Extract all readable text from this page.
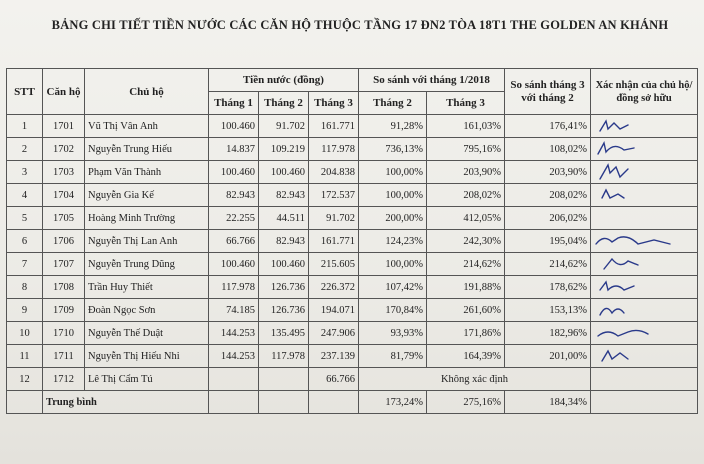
BẢNG CHI TIẾT TIỀN NƯỚC CÁC CĂN HỘ THUỘC TẦNG 17 ĐN2 TÒA 18T1 THE GOLDEN AN KHÁNH
STT	Căn hộ	Chủ hộ	Tiền nước (đồng)			So sánh với tháng 1/2018		So sánh tháng 3 với tháng 2	Xác nhận của chủ hộ/đồng sở hữu
			Tháng 1	Tháng 2	Tháng 3	Tháng 2	Tháng 3		
1	1701	Vũ Thị Vân Anh	100.460	91.702	161.771	91,28%	161,03%	176,41%	

2	1702	Nguyễn Trung Hiếu	14.837	109.219	117.978	736,13%	795,16%	108,02%	

3	1703	Phạm Văn Thành	100.460	100.460	204.838	100,00%	203,90%	203,90%	

4	1704	Nguyễn Gia Kế	82.943	82.943	172.537	100,00%	208,02%	208,02%	

5	1705	Hoàng Minh Trường	22.255	44.511	91.702	200,00%	412,05%	206,02%	
6	1706	Nguyễn Thị Lan Anh	66.766	82.943	161.771	124,23%	242,30%	195,04%	

7	1707	Nguyễn Trung Dũng	100.460	100.460	215.605	100,00%	214,62%	214,62%	

8	1708	Trần Huy Thiết	117.978	126.736	226.372	107,42%	191,88%	178,62%	

9	1709	Đoàn Ngọc Sơn	74.185	126.736	194.071	170,84%	261,60%	153,13%	

10	1710	Nguyễn Thế Duật	144.253	135.495	247.906	93,93%	171,86%	182,96%	

11	1711	Nguyễn Thị Hiếu Nhi	144.253	117.978	237.139	81,79%	164,39%	201,00%	

12	1712	Lê Thị Cẩm Tú			66.766	Không xác định			
	Trung bình					173,24%	275,16%	184,34%	
